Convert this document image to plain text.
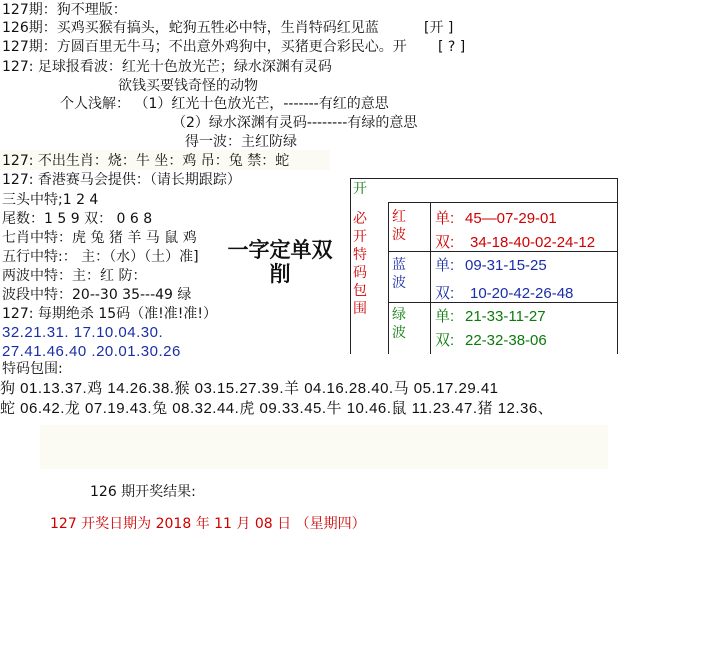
127期：狗不理版：
126期：买鸡买猴有搞头，蛇狗五牲必中特，生肖特码红见蓝	[开 ]
127期：方圆百里无牛马；不出意外鸡狗中，买猪更合彩民心。开 [ ? ]
127: 足球报看波：红光十色放光芒；绿水深渊有灵码
欲钱买要钱奇怪的动物
个人浅解： （1）红光十色放光芒，-------有红的意思
（2）绿水深渊有灵码--------有绿的意思
得一波：主红防绿
127: 不出生肖：烧：牛 坐：鸡 吊：兔 禁：蛇
127: 香港赛马会提供：（请长期跟踪）
三头中特;1 2 4
尾数：1 5 9 双： 0 6 8
七肖中特：虎 兔 猪 羊 马 鼠 鸡
五行中特:： 主：（水）（土）准]
两波中特：主：红 防：
波段中特：20--30 35---49 绿
127: 每期绝杀 15码（准!准!准!）
32.21.31. 17.10.04.30.
27.41.46.40 .20.01.30.26
一字定单双削
开
必开特码包围
红波
蓝波
绿波
单: 45—07-29-01
双: 34-18-40-02-24-12
单: 09-31-15-25
双: 10-20-42-26-48
单: 21-33-11-27
双: 22-32-38-06
特码包围:
狗 01.13.37.鸡 14.26.38.猴 03.15.27.39.羊 04.16.28.40.马 05.17.29.41
蛇 06.42.龙 07.19.43.兔 08.32.44.虎 09.33.45.牛 10.46.鼠 11.23.47.猪 12.36、
126 期开奖结果:
127 开奖日期为 2018 年 11 月 08 日 （星期四）
